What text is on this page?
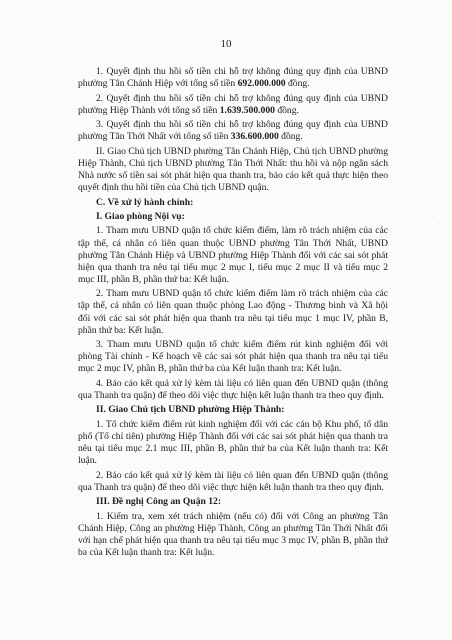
10

1. Quyết định thu hồi số tiền chi hỗ trợ không đúng quy định của UBND phường Tân Chánh Hiệp với tổng số tiền 692.000.000 đồng.

2. Quyết định thu hồi số tiền chi hỗ trợ không đúng quy định của UBND phường Hiệp Thành với tổng số tiền 1.639.500.000 đồng.

3. Quyết định thu hồi số tiền chi hỗ trợ không đúng quy định của UBND phường Tân Thới Nhất với tổng số tiền 336.600.000 đồng.

II. Giao Chủ tịch UBND phường Tân Chánh Hiệp, Chủ tịch UBND phường Hiệp Thành, Chủ tịch UBND phường Tân Thới Nhất: thu hồi và nộp ngân sách Nhà nước số tiền sai sót phát hiện qua thanh tra, báo cáo kết quả thực hiện theo quyết định thu hồi tiền của Chủ tịch UBND quận.

C. Về xử lý hành chính:

I. Giao phòng Nội vụ:

1. Tham mưu UBND quận tổ chức kiểm điểm, làm rõ trách nhiệm của các tập thể, cá nhân có liên quan thuộc UBND phường Tân Thới Nhất, UBND phường Tân Chánh Hiệp và UBND phường Hiệp Thành đối với các sai sót phát hiện qua thanh tra nêu tại tiểu mục 2 mục I, tiểu mục 2 mục II và tiểu mục 2 mục III, phần B, phần thứ ba: Kết luận.

2. Tham mưu UBND quận tổ chức kiểm điểm làm rõ trách nhiệm của các tập thể, cá nhân có liên quan thuộc phòng Lao động - Thương binh và Xã hội đối với các sai sót phát hiện qua thanh tra nêu tại tiểu mục 1 mục IV, phần B, phần thứ ba: Kết luận.

3. Tham mưu UBND quận tổ chức kiểm điểm rút kinh nghiệm đối với phòng Tài chính - Kế hoạch về các sai sót phát hiện qua thanh tra nêu tại tiểu mục 2 mục IV, phần B, phần thứ ba của Kết luận thanh tra: Kết luận.

4. Báo cáo kết quả xử lý kèm tài liệu có liên quan đến UBND quận (thông qua Thanh tra quận) để theo dõi việc thực hiện kết luận thanh tra theo quy định.

II. Giao Chủ tịch UBND phường Hiệp Thành:

1. Tổ chức kiểm điểm rút kinh nghiệm đối với các cán bộ Khu phố, tổ dân phố (Tổ chỉ tiên) phường Hiệp Thành đối với các sai sót phát hiện qua thanh tra nêu tại tiểu mục 2.1 mục III, phần B, phần thứ ba của Kết luận thanh tra: Kết luận.

2. Báo cáo kết quả xử lý kèm tài liệu có liên quan đến UBND quận (thông qua Thanh tra quận) để theo dõi việc thực hiện kết luận thanh tra theo quy định.

III. Đề nghị Công an Quận 12:

1. Kiểm tra, xem xét trách nhiệm (nếu có) đối với Công an phường Tân Chánh Hiệp, Công an phường Hiệp Thành, Công an phường Tân Thới Nhất đối với hạn chế phát hiện qua thanh tra nêu tại tiểu mục 3 mục IV, phần B, phần thứ ba của Kết luận thanh tra: Kết luận.

·
·
·
